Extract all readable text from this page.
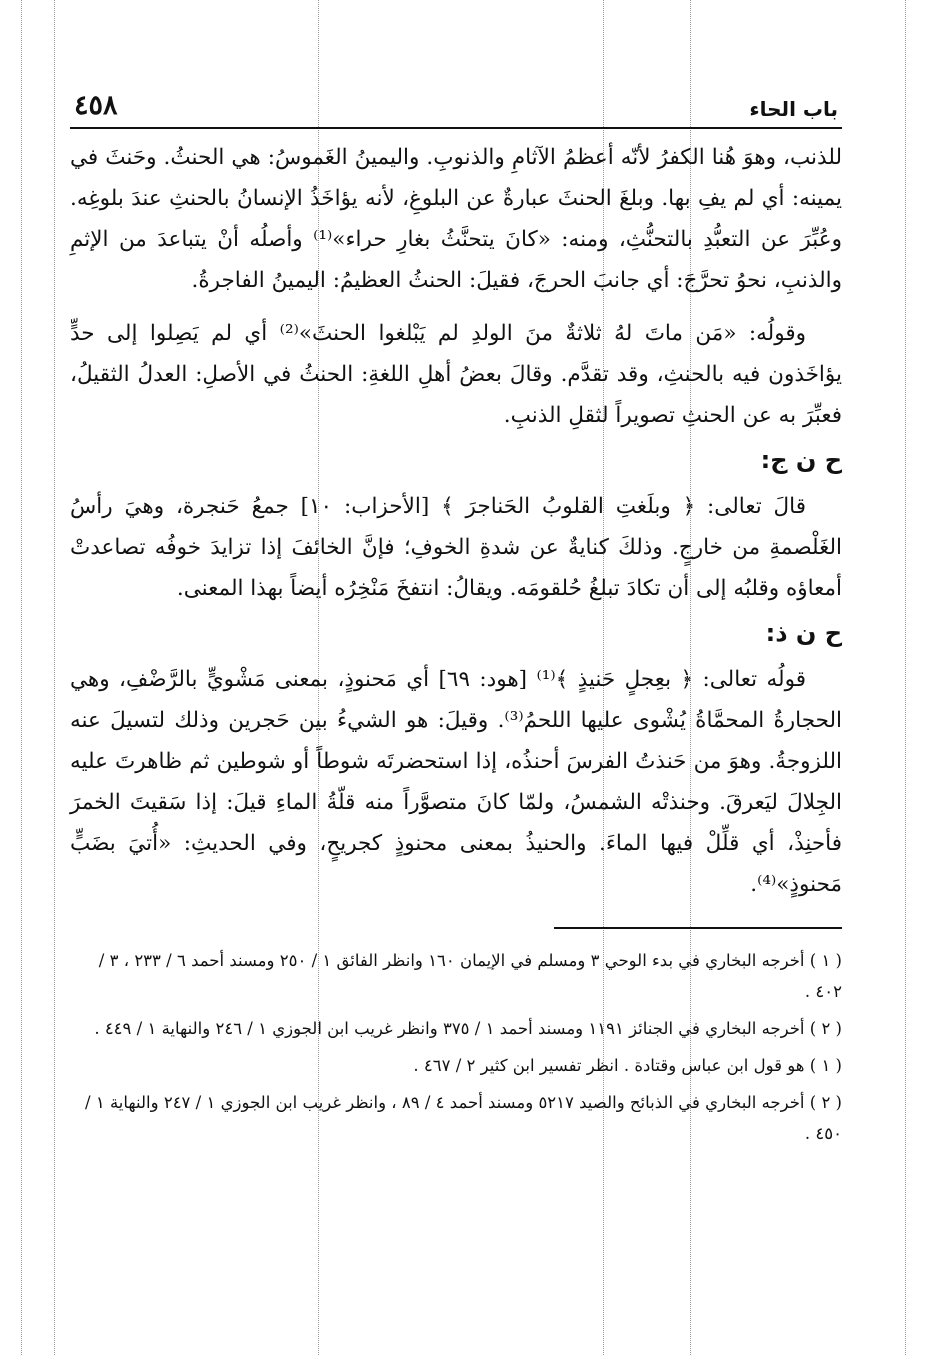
باب الحاء
٤٥٨

للذنب، وهوَ هُنا الكفرُ لأنّه أعظمُ الآثامِ والذنوبِ. واليمينُ الغَموسُ: هي الحنثُ. وحَنثَ في يمينه: أي لم يفِ بها. وبلغَ الحنثَ عبارةٌ عن البلوغِ، لأنه يؤاخَذُ الإنسانُ بالحنثِ عندَ بلوغِه. وعُبِّرَ عن التعبُّدِ بالتحنُّثِ، ومنه: «كانَ يتحنَّثُ بغارِ حراء»⁽¹⁾ وأصلُه أنْ يتباعدَ من الإثمِ والذنبِ، نحوُ تحرَّجَ: أي جانبَ الحرجَ، فقيلَ: الحنثُ العظيمُ: اليمينُ الفاجرةُ.

وقولُه: «مَن ماتَ لهُ ثلاثةٌ منَ الولدِ لم يَبْلغوا الحنثَ»⁽²⁾ أي لم يَصِلوا إلى حدٍّ يؤاخَذون فيه بالحنثِ، وقد تقدَّم. وقالَ بعضُ أهلِ اللغةِ: الحنثُ في الأصلِ: العدلُ الثقيلُ، فعبِّرَ به عن الحنثِ تصويراً لثقلِ الذنبِ.

ح ن ج:

قالَ تعالى: ﴿ وبلَغتِ القلوبُ الحَناجرَ ﴾ [الأحزاب: ١٠] جمعُ حَنجرة، وهيَ رأسُ الغَلْصمةِ من خارجٍ. وذلكَ كنايةٌ عن شدةِ الخوفِ؛ فإنَّ الخائفَ إذا تزايدَ خوفُه تصاعدتْ أمعاؤه وقلبُه إلى أن تكادَ تبلغُ حُلقومَه. ويقالُ: انتفخَ مَنْخِرُه أيضاً بهذا المعنى.

ح ن ذ:

قولُه تعالى: ﴿ بعِجلٍ حَنيذٍ ﴾⁽¹⁾ [هود: ٦٩] أي مَحنوذٍ، بمعنى مَشْويٍّ بالرَّضْفِ، وهي الحجارةُ المحمَّاةُ يُشْوى عليها اللحمُ⁽³⁾. وقيلَ: هو الشيءُ بين حَجرين وذلك لتسيلَ عنه اللزوجةُ. وهوَ من حَنذتُ الفرسَ أحنذُه، إذا استحضرتَه شوطاً أو شوطين ثم ظاهرتَ عليه الجِلالَ ليَعرقَ. وحنذتْه الشمسُ، ولمّا كانَ متصوَّراً منه قلّةُ الماءِ قيلَ: إذا سَقيتَ الخمرَ فأحنِذْ، أي قلِّلْ فيها الماءَ. والحنيذُ بمعنى محنوذٍ كجريحٍ، وفي الحديثِ: «أُتيَ بضَبٍّ مَحنوذٍ»⁽⁴⁾.

( ١ ) أخرجه البخاري في بدء الوحي ٣ ومسلم في الإيمان ١٦٠ وانظر الفائق ١ / ٢٥٠ ومسند أحمد ٦ / ٢٣٣ ، ٣ / ٤٠٢ .

( ٢ ) أخرجه البخاري في الجنائز ١١٩١ ومسند أحمد ١ / ٣٧٥ وانظر غريب ابن الجوزي ١ / ٢٤٦ والنهاية ١ / ٤٤٩ .

( ١ ) هو قول ابن عباس وقتادة . انظر تفسير ابن كثير ٢ / ٤٦٧ .

( ٢ ) أخرجه البخاري في الذبائح والصيد ٥٢١٧ ومسند أحمد ٤ / ٨٩ ، وانظر غريب ابن الجوزي ١ / ٢٤٧ والنهاية ١ / ٤٥٠ .
